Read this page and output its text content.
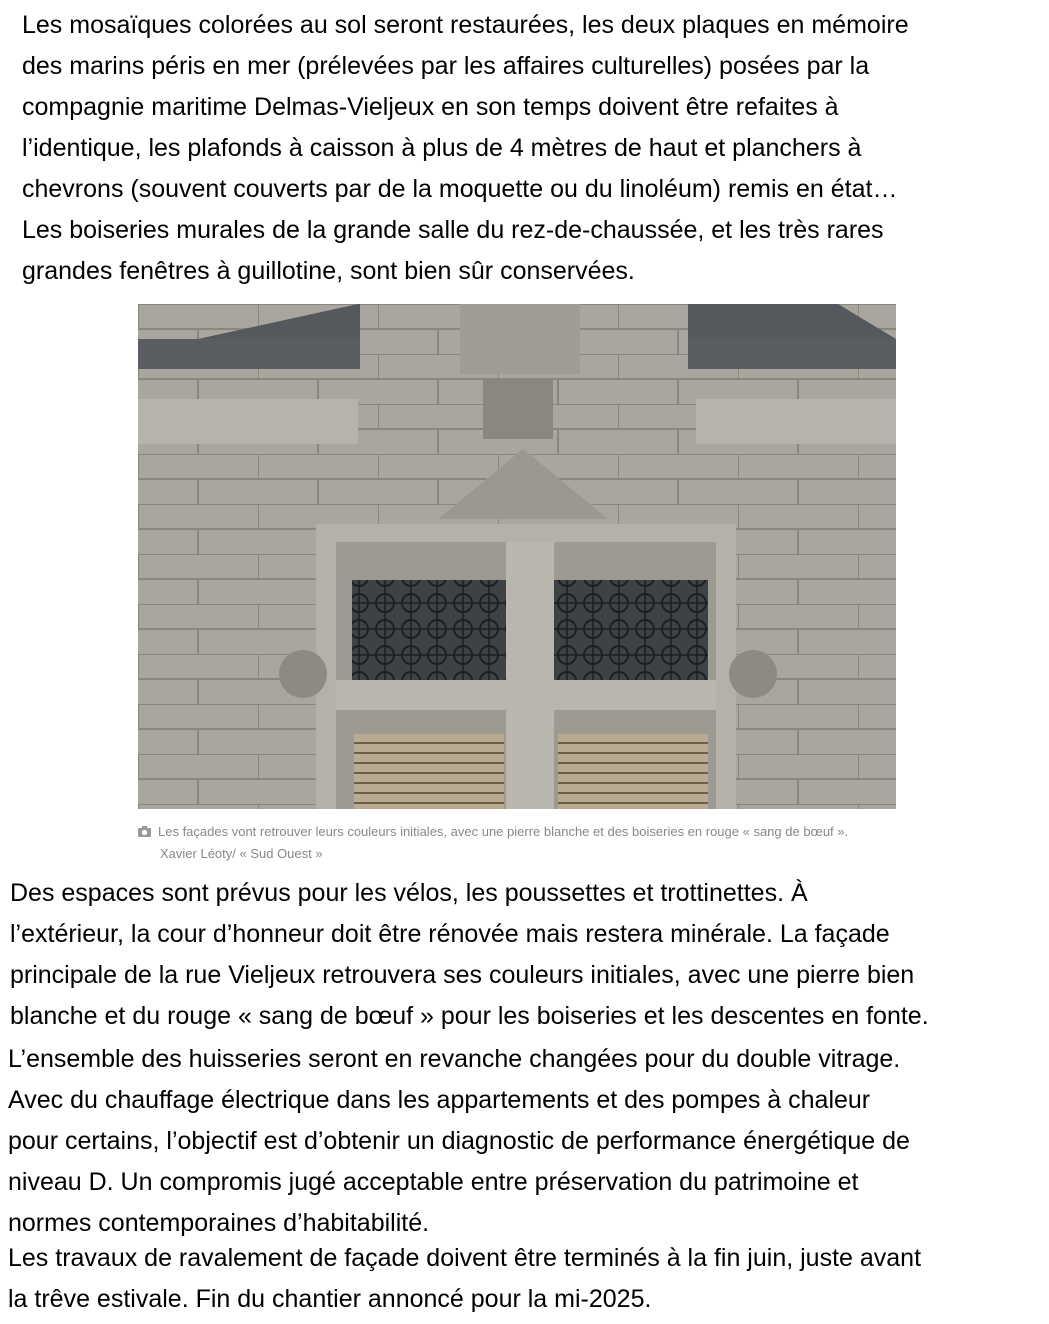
Les mosaïques colorées au sol seront restaurées, les deux plaques en mémoire
des marins péris en mer (prélevées par les affaires culturelles) posées par la
compagnie maritime Delmas-Vieljeux en son temps doivent être refaites à
l’identique, les plafonds à caisson à plus de 4 mètres de haut et planchers à
chevrons (souvent couverts par de la moquette ou du linoléum) remis en état…
Les boiseries murales de la grande salle du rez-de-chaussée, et les très rares
grandes fenêtres à guillotine, sont bien sûr conservées.
Les façades vont retrouver leurs couleurs initiales, avec une pierre blanche et des boiseries en rouge « sang de bœuf ».
Xavier Léoty/ « Sud Ouest »
Des espaces sont prévus pour les vélos, les poussettes et trottinettes. À
l’extérieur, la cour d’honneur doit être rénovée mais restera minérale. La façade
principale de la rue Vieljeux retrouvera ses couleurs initiales, avec une pierre bien
blanche et du rouge « sang de bœuf » pour les boiseries et les descentes en fonte.
L’ensemble des huisseries seront en revanche changées pour du double vitrage.
Avec du chauffage électrique dans les appartements et des pompes à chaleur
pour certains, l’objectif est d’obtenir un diagnostic de performance énergétique de
niveau D. Un compromis jugé acceptable entre préservation du patrimoine et
normes contemporaines d’habitabilité.
Les travaux de ravalement de façade doivent être terminés à la fin juin, juste avant
la trêve estivale. Fin du chantier annoncé pour la mi-2025.
